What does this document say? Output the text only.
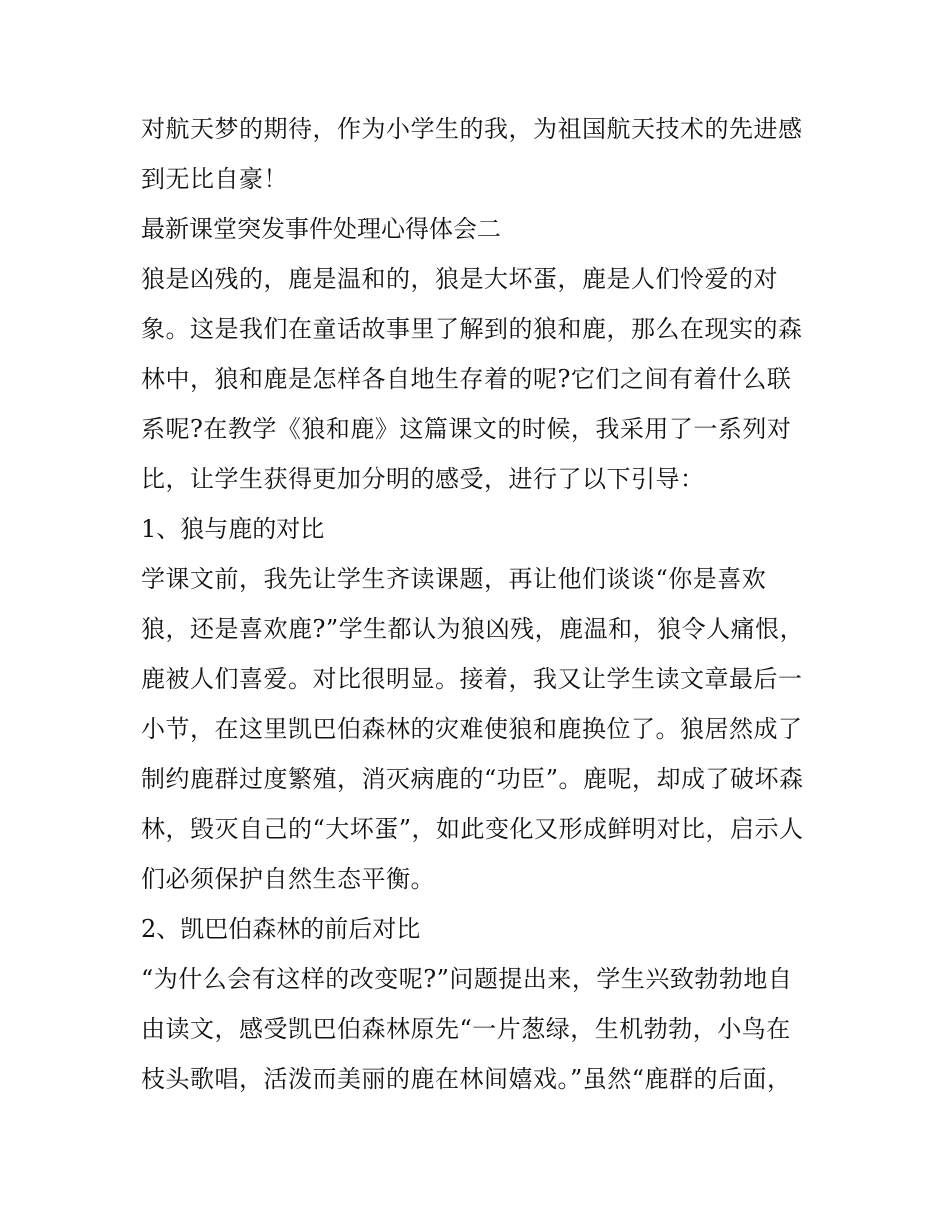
对航天梦的期待，作为小学生的我，为祖国航天技术的先进感
到无比自豪！
最新课堂突发事件处理心得体会二
狼是凶残的，鹿是温和的，狼是大坏蛋，鹿是人们怜爱的对
象。这是我们在童话故事里了解到的狼和鹿，那么在现实的森
林中，狼和鹿是怎样各自地生存着的呢?它们之间有着什么联
系呢?在教学《狼和鹿》这篇课文的时候，我采用了一系列对
比，让学生获得更加分明的感受，进行了以下引导：
1、狼与鹿的对比
学课文前，我先让学生齐读课题，再让他们谈谈“你是喜欢
狼，还是喜欢鹿?”学生都认为狼凶残，鹿温和，狼令人痛恨，
鹿被人们喜爱。对比很明显。接着，我又让学生读文章最后一
小节，在这里凯巴伯森林的灾难使狼和鹿换位了。狼居然成了
制约鹿群过度繁殖，消灭病鹿的“功臣”。鹿呢，却成了破坏森
林，毁灭自己的“大坏蛋”，如此变化又形成鲜明对比，启示人
们必须保护自然生态平衡。
2、凯巴伯森林的前后对比
“为什么会有这样的改变呢?”问题提出来，学生兴致勃勃地自
由读文，感受凯巴伯森林原先“一片葱绿，生机勃勃，小鸟在
枝头歌唱，活泼而美丽的鹿在林间嬉戏。”虽然“鹿群的后面，
